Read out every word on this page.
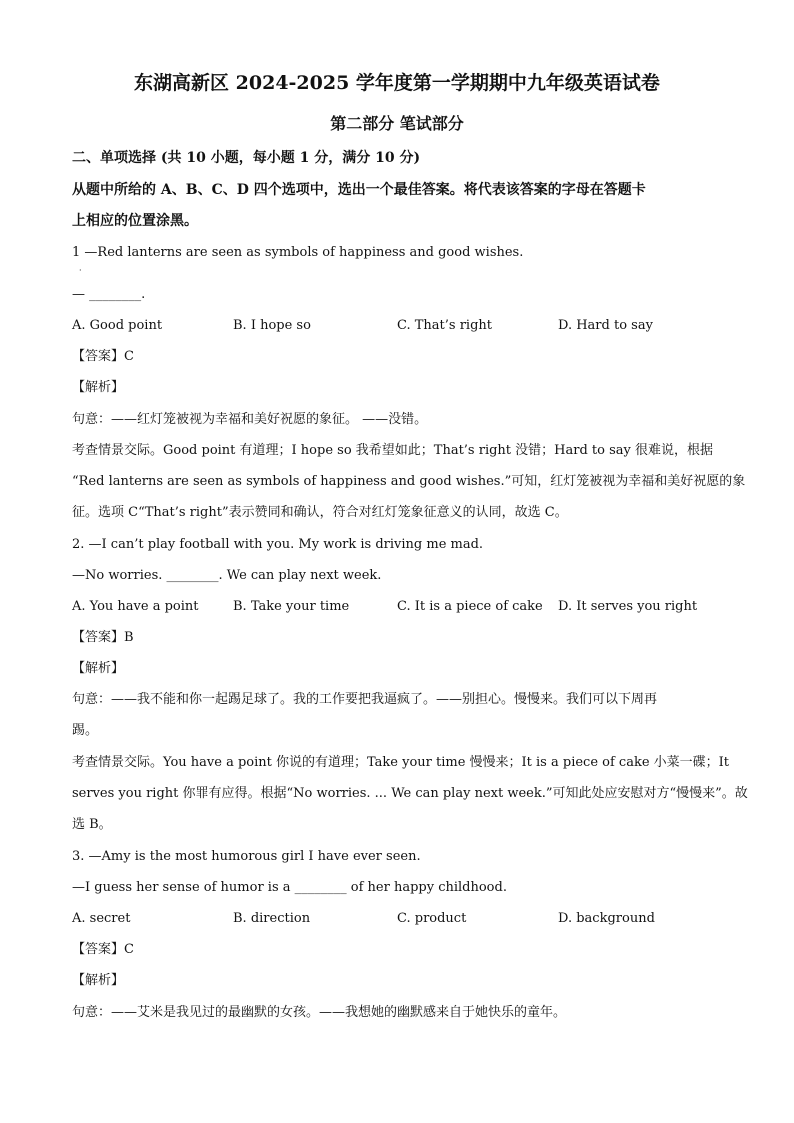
东湖高新区 2024-2025 学年度第一学期期中九年级英语试卷
第二部分 笔试部分
二、单项选择 (共 10 小题，每小题 1 分，满分 10 分)
从题中所给的 A、B、C、D 四个选项中，选出一个最佳答案。将代表该答案的字母在答题卡
上相应的位置涂黑。
1 —Red lanterns are seen as symbols of happiness and good wishes.
·
— ________.
A. Good point	B. I hope so	C. That’s right	D. Hard to say
【答案】C
【解析】
句意：——红灯笼被视为幸福和美好祝愿的象征。 ——没错。
考查情景交际。Good point 有道理；I hope so 我希望如此；That’s right 没错；Hard to say 很难说，根据
“Red lanterns are seen as symbols of happiness and good wishes.”可知，红灯笼被视为幸福和美好祝愿的象
征。选项 C“That’s right”表示赞同和确认，符合对红灯笼象征意义的认同，故选 C。
2. —I can’t play football with you. My work is driving me mad.
—No worries. ________. We can play next week.
A. You have a point	B. Take your time	C. It is a piece of cake D. It serves you right
【答案】B
【解析】
句意：——我不能和你一起踢足球了。我的工作要把我逼疯了。——别担心。慢慢来。我们可以下周再
踢。
考查情景交际。You have a point 你说的有道理；Take your time 慢慢来；It is a piece of cake 小菜一碟；It
serves you right 你罪有应得。根据“No worries. ... We can play next week.”可知此处应安慰对方“慢慢来”。故
选 B。
3. —Amy is the most humorous girl I have ever seen.
—I guess her sense of humor is a ________ of her happy childhood.
A. secret	B. direction	C. product	D. background
【答案】C
【解析】
句意：——艾米是我见过的最幽默的女孩。——我想她的幽默感来自于她快乐的童年。
